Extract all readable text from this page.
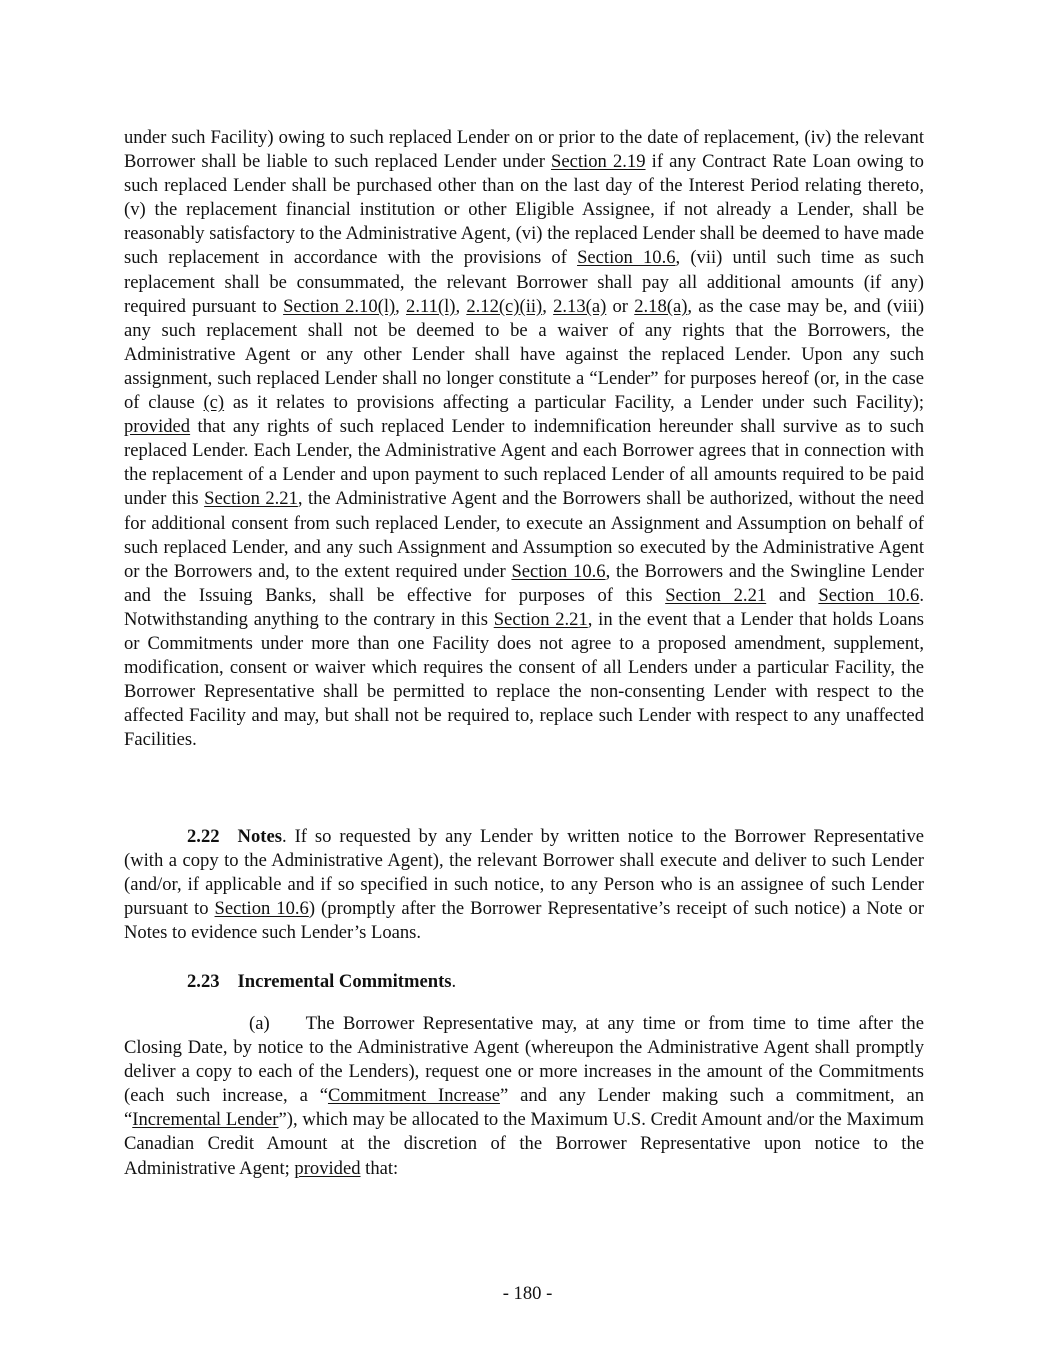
under such Facility) owing to such replaced Lender on or prior to the date of replacement, (iv) the relevant Borrower shall be liable to such replaced Lender under Section 2.19 if any Contract Rate Loan owing to such replaced Lender shall be purchased other than on the last day of the Interest Period relating thereto, (v) the replacement financial institution or other Eligible Assignee, if not already a Lender, shall be reasonably satisfactory to the Administrative Agent, (vi) the replaced Lender shall be deemed to have made such replacement in accordance with the provisions of Section 10.6, (vii) until such time as such replacement shall be consummated, the relevant Borrower shall pay all additional amounts (if any) required pursuant to Section 2.10(l), 2.11(l), 2.12(c)(ii), 2.13(a) or 2.18(a), as the case may be, and (viii) any such replacement shall not be deemed to be a waiver of any rights that the Borrowers, the Administrative Agent or any other Lender shall have against the replaced Lender. Upon any such assignment, such replaced Lender shall no longer constitute a “Lender” for purposes hereof (or, in the case of clause (c) as it relates to provisions affecting a particular Facility, a Lender under such Facility); provided that any rights of such replaced Lender to indemnification hereunder shall survive as to such replaced Lender. Each Lender, the Administrative Agent and each Borrower agrees that in connection with the replacement of a Lender and upon payment to such replaced Lender of all amounts required to be paid under this Section 2.21, the Administrative Agent and the Borrowers shall be authorized, without the need for additional consent from such replaced Lender, to execute an Assignment and Assumption on behalf of such replaced Lender, and any such Assignment and Assumption so executed by the Administrative Agent or the Borrowers and, to the extent required under Section 10.6, the Borrowers and the Swingline Lender and the Issuing Banks, shall be effective for purposes of this Section 2.21 and Section 10.6. Notwithstanding anything to the contrary in this Section 2.21, in the event that a Lender that holds Loans or Commitments under more than one Facility does not agree to a proposed amendment, supplement, modification, consent or waiver which requires the consent of all Lenders under a particular Facility, the Borrower Representative shall be permitted to replace the non-consenting Lender with respect to the affected Facility and may, but shall not be required to, replace such Lender with respect to any unaffected Facilities.

2.22 Notes. If so requested by any Lender by written notice to the Borrower Representative (with a copy to the Administrative Agent), the relevant Borrower shall execute and deliver to such Lender (and/or, if applicable and if so specified in such notice, to any Person who is an assignee of such Lender pursuant to Section 10.6) (promptly after the Borrower Representative’s receipt of such notice) a Note or Notes to evidence such Lender’s Loans.

2.23 Incremental Commitments.

(a) The Borrower Representative may, at any time or from time to time after the Closing Date, by notice to the Administrative Agent (whereupon the Administrative Agent shall promptly deliver a copy to each of the Lenders), request one or more increases in the amount of the Commitments (each such increase, a “Commitment Increase” and any Lender making such a commitment, an “Incremental Lender”), which may be allocated to the Maximum U.S. Credit Amount and/or the Maximum Canadian Credit Amount at the discretion of the Borrower Representative upon notice to the Administrative Agent; provided that:

- 180 -
